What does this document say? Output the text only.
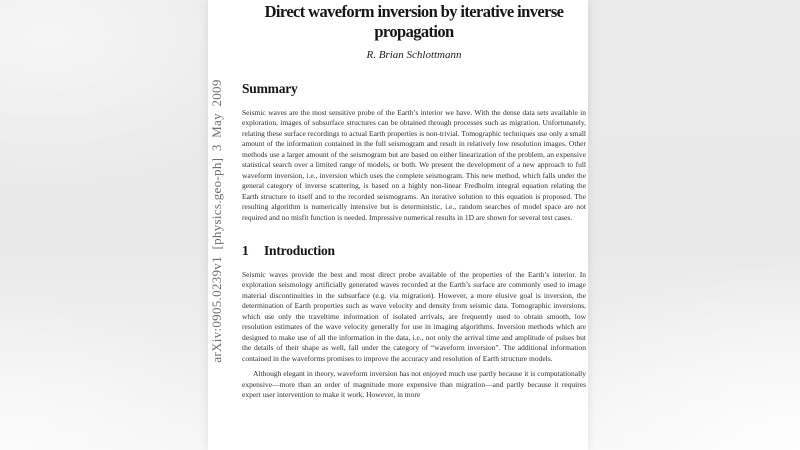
arXiv:0905.0239v1 [physics.geo-ph] 3 May 2009
Direct waveform inversion by iterative inverse propagation
R. Brian Schlottmann
Summary

Seismic waves are the most sensitive probe of the Earth’s interior we have. With the dense data sets available in exploration, images of subsurface structures can be obtained through processes such as migration. Unfortunately, relating these surface recordings to actual Earth properties is non-trivial. Tomographic techniques use only a small amount of the information contained in the full seismogram and result in relatively low resolution images. Other methods use a larger amount of the seismogram but are based on either linearization of the problem, an expensive statistical search over a limited range of models, or both. We present the development of a new approach to full waveform inversion, i.e., inversion which uses the complete seismogram. This new method, which falls under the general category of inverse scattering, is based on a highly non-linear Fredholm integral equation relating the Earth structure to itself and to the recorded seismograms. An iterative solution to this equation is proposed. The resulting algorithm is numerically intensive but is deterministic, i.e., random searches of model space are not required and no misfit function is needed. Impressive numerical results in 1D are shown for several test cases.

1 Introduction

Seismic waves provide the best and most direct probe available of the properties of the Earth’s interior. In exploration seismology artificially generated waves recorded at the Earth’s surface are commonly used to image material discontinuities in the subsurface (e.g. via migration). However, a more elusive goal is inversion, the determination of Earth properties such as wave velocity and density from seismic data. Tomographic inversions, which use only the traveltime information of isolated arrivals, are frequently used to obtain smooth, low resolution estimates of the wave velocity generally for use in imaging algorithms. Inversion methods which are designed to make use of all the information in the data, i.e., not only the arrival time and amplitude of pulses but the details of their shape as well, fall under the category of “waveform inversion”. The additional information contained in the waveforms promises to improve the accuracy and resolution of Earth structure models.

Although elegant in theory, waveform inversion has not enjoyed much use partly because it is computationally expensive—more than an order of magnitude more expensive than migration—and partly because it requires expert user intervention to make it work. However, in more
